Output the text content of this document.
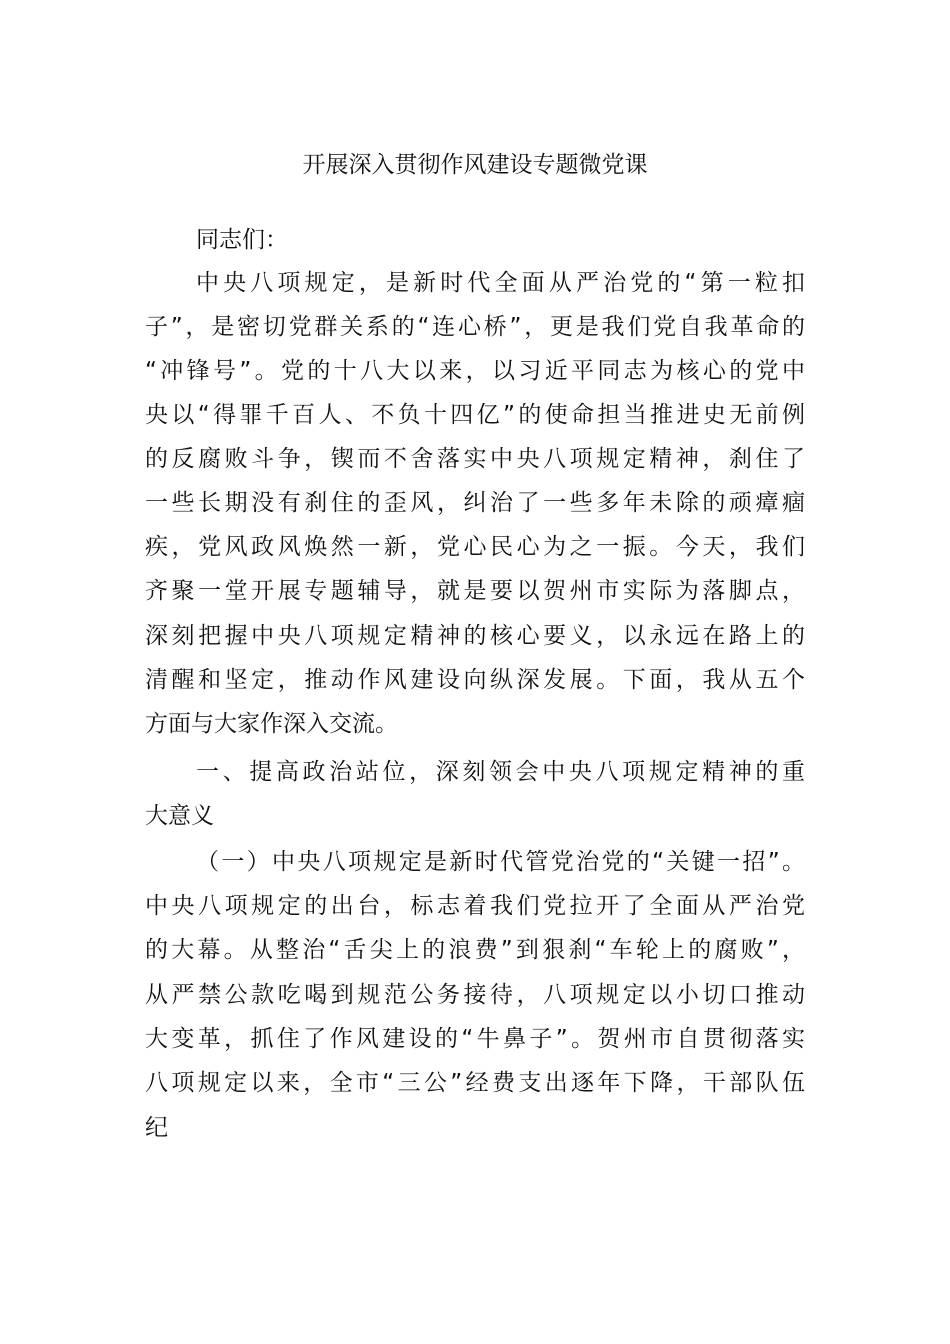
开展深入贯彻作风建设专题微党课
同志们：
中央八项规定，是新时代全面从严治党的“第一粒扣
子”，是密切党群关系的“连心桥”，更是我们党自我革命的
“冲锋号”。党的十八大以来，以习近平同志为核心的党中
央以“得罪千百人、不负十四亿”的使命担当推进史无前例
的反腐败斗争，锲而不舍落实中央八项规定精神，刹住了
一些长期没有刹住的歪风，纠治了一些多年未除的顽瘴痼
疾，党风政风焕然一新，党心民心为之一振。今天，我们
齐聚一堂开展专题辅导，就是要以贺州市实际为落脚点，
深刻把握中央八项规定精神的核心要义，以永远在路上的
清醒和坚定，推动作风建设向纵深发展。下面，我从五个
方面与大家作深入交流。
一、提高政治站位，深刻领会中央八项规定精神的重
大意义
（一）中央八项规定是新时代管党治党的“关键一招”。
中央八项规定的出台，标志着我们党拉开了全面从严治党
的大幕。从整治“舌尖上的浪费”到狠刹“车轮上的腐败”，
从严禁公款吃喝到规范公务接待，八项规定以小切口推动
大变革，抓住了作风建设的“牛鼻子”。贺州市自贯彻落实
八项规定以来，全市“三公”经费支出逐年下降，干部队伍
纪
